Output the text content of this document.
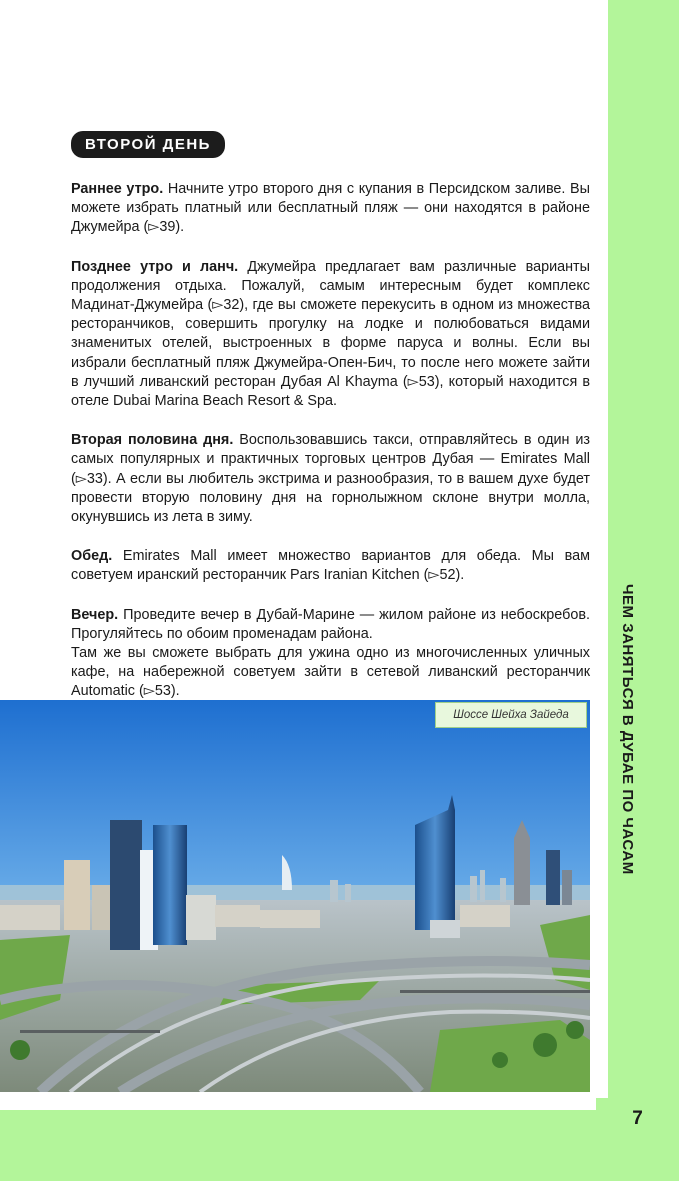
7
ЧЕМ ЗАНЯТЬСЯ В ДУБАЕ ПО ЧАСАМ
ВТОРОЙ ДЕНЬ

Раннее утро. Начните утро второго дня с купания в Персидском заливе. Вы можете избрать платный или бесплатный пляж — они находятся в районе Джумейра (▻39).

Позднее утро и ланч. Джумейра предлагает вам различные варианты продолжения отдыха. Пожалуй, самым интересным будет комплекс Мадинат-Джумейра (▻32), где вы сможете перекусить в одном из множества ресторанчиков, совершить прогулку на лодке и полюбоваться видами знаменитых отелей, выстроенных в форме паруса и волны. Если вы избрали бесплатный пляж Джумейра-Опен-Бич, то после него можете зайти в лучший ливанский ресторан Дубая Al Khayma (▻53), который находится в отеле Dubai Marina Beach Resort & Spa.

Вторая половина дня. Воспользовавшись такси, отправляйтесь в один из самых популярных и практичных торговых центров Дубая — Emirates Mall (▻33). А если вы любитель экстрима и разнообразия, то в вашем духе будет провести вторую половину дня на горнолыжном склоне внутри молла, окунувшись из лета в зиму.

Обед. Emirates Mall имеет множество вариантов для обеда. Мы вам советуем иранский ресторанчик Pars Iranian Kitchen (▻52).

Вечер. Проведите вечер в Дубай-Марине — жилом районе из небоскребов. Прогуляйтесь по обоим променадам района.

Там же вы сможете выбрать для ужина одно из многочисленных уличных кафе, на набережной советуем зайти в сетевой ливанский ресторанчик Automatic (▻53).

Шоссе Шейха Зайеда
